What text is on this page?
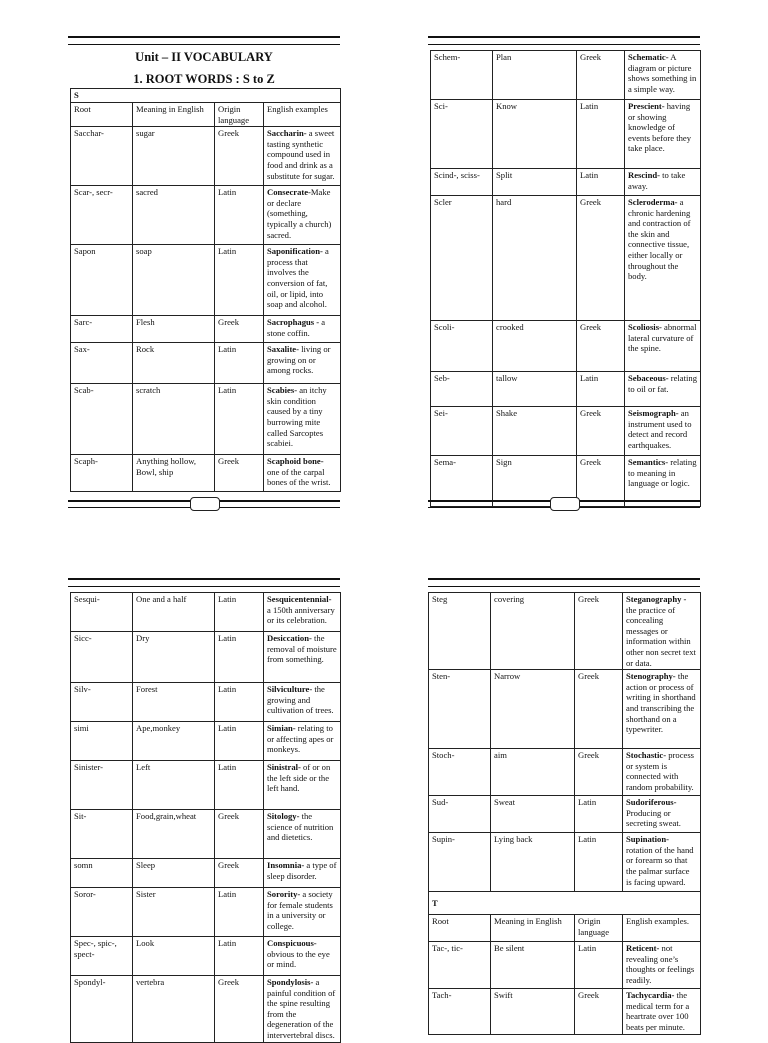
Unit – II VOCABULARY
1. ROOT WORDS : S to Z
S			
Root	Meaning in English	Origin language	English examples
Sacchar-	sugar	Greek	Saccharin- a sweet tasting synthetic compound used in food and drink as a substitute for sugar.
Scar-, secr-	sacred	Latin	Consecrate-Make or declare (something, typically a church) sacred.
Sapon	soap	Latin	Saponification- a process that involves the conversion of fat, oil, or lipid, into soap and alcohol.
Sarc-	Flesh	Greek	Sacrophagus - a stone coffin.
Sax-	Rock	Latin	Saxalite- living or growing on or among rocks.
Scab-	scratch	Latin	Scabies- an itchy skin condition caused by a tiny burrowing mite called Sarcoptes scabiei.
Scaph-	Anything hollow, Bowl, ship	Greek	Scaphoid bone- one of the carpal bones of the wrist.
Schem-	Plan	Greek	Schematic- A diagram or picture shows something in a simple way.
Sci-	Know	Latin	Prescient- having or showing knowledge of events before they take place.
Scind-, sciss-	Split	Latin	Rescind- to take away.
Scler	hard	Greek	Scleroderma- a chronic hardening and contraction of the skin and connective tissue, either locally or throughout the body.
Scoli-	crooked	Greek	Scoliosis- abnormal lateral curvature of the spine.
Seb-	tallow	Latin	Sebaceous- relating to oil or fat.
Sei-	Shake	Greek	Seismograph- an instrument used to detect and record earthquakes.
Sema-	Sign	Greek	Semantics- relating to meaning in language or logic.
Sesqui-	One and a half	Latin	Sesquicentennial- a 150th anniversary or its celebration.
Sicc-	Dry	Latin	Desiccation- the removal of moisture from something.
Silv-	Forest	Latin	Silviculture- the growing and cultivation of trees.
simi	Ape,monkey	Latin	Simian- relating to or affecting apes or monkeys.
Sinister-	Left	Latin	Sinistral- of or on the left side or the left hand.
Sit-	Food,grain,wheat	Greek	Sitology- the science of nutrition and dietetics.
somn	Sleep	Greek	Insomnia- a type of sleep disorder.
Soror-	Sister	Latin	Sorority- a society for female students in a university or college.
Spec-, spic-, spect-	Look	Latin	Conspicuous- obvious to the eye or mind.
Spondyl-	vertebra	Greek	Spondylosis- a painful condition of the spine resulting from the degeneration of the intervertebral discs.
Steg	covering	Greek	Steganography - the practice of concealing messages or information within other non secret text or data.
Sten-	Narrow	Greek	Stenography- the action or process of writing in shorthand and transcribing the shorthand on a typewriter.
Stoch-	aim	Greek	Stochastic- process or system is connected with random probability.
Sud-	Sweat	Latin	Sudoriferous- Producing or secreting sweat.
Supin-	Lying back	Latin	Supination- rotation of the hand or forearm so that the palmar surface is facing upward.
T			
Root	Meaning in English	Origin language	English examples.
Tac-, tic-	Be silent	Latin	Reticent- not revealing one’s thoughts or feelings readily.
Tach-	Swift	Greek	Tachycardia- the medical term for a heartrate over 100 beats per minute.
